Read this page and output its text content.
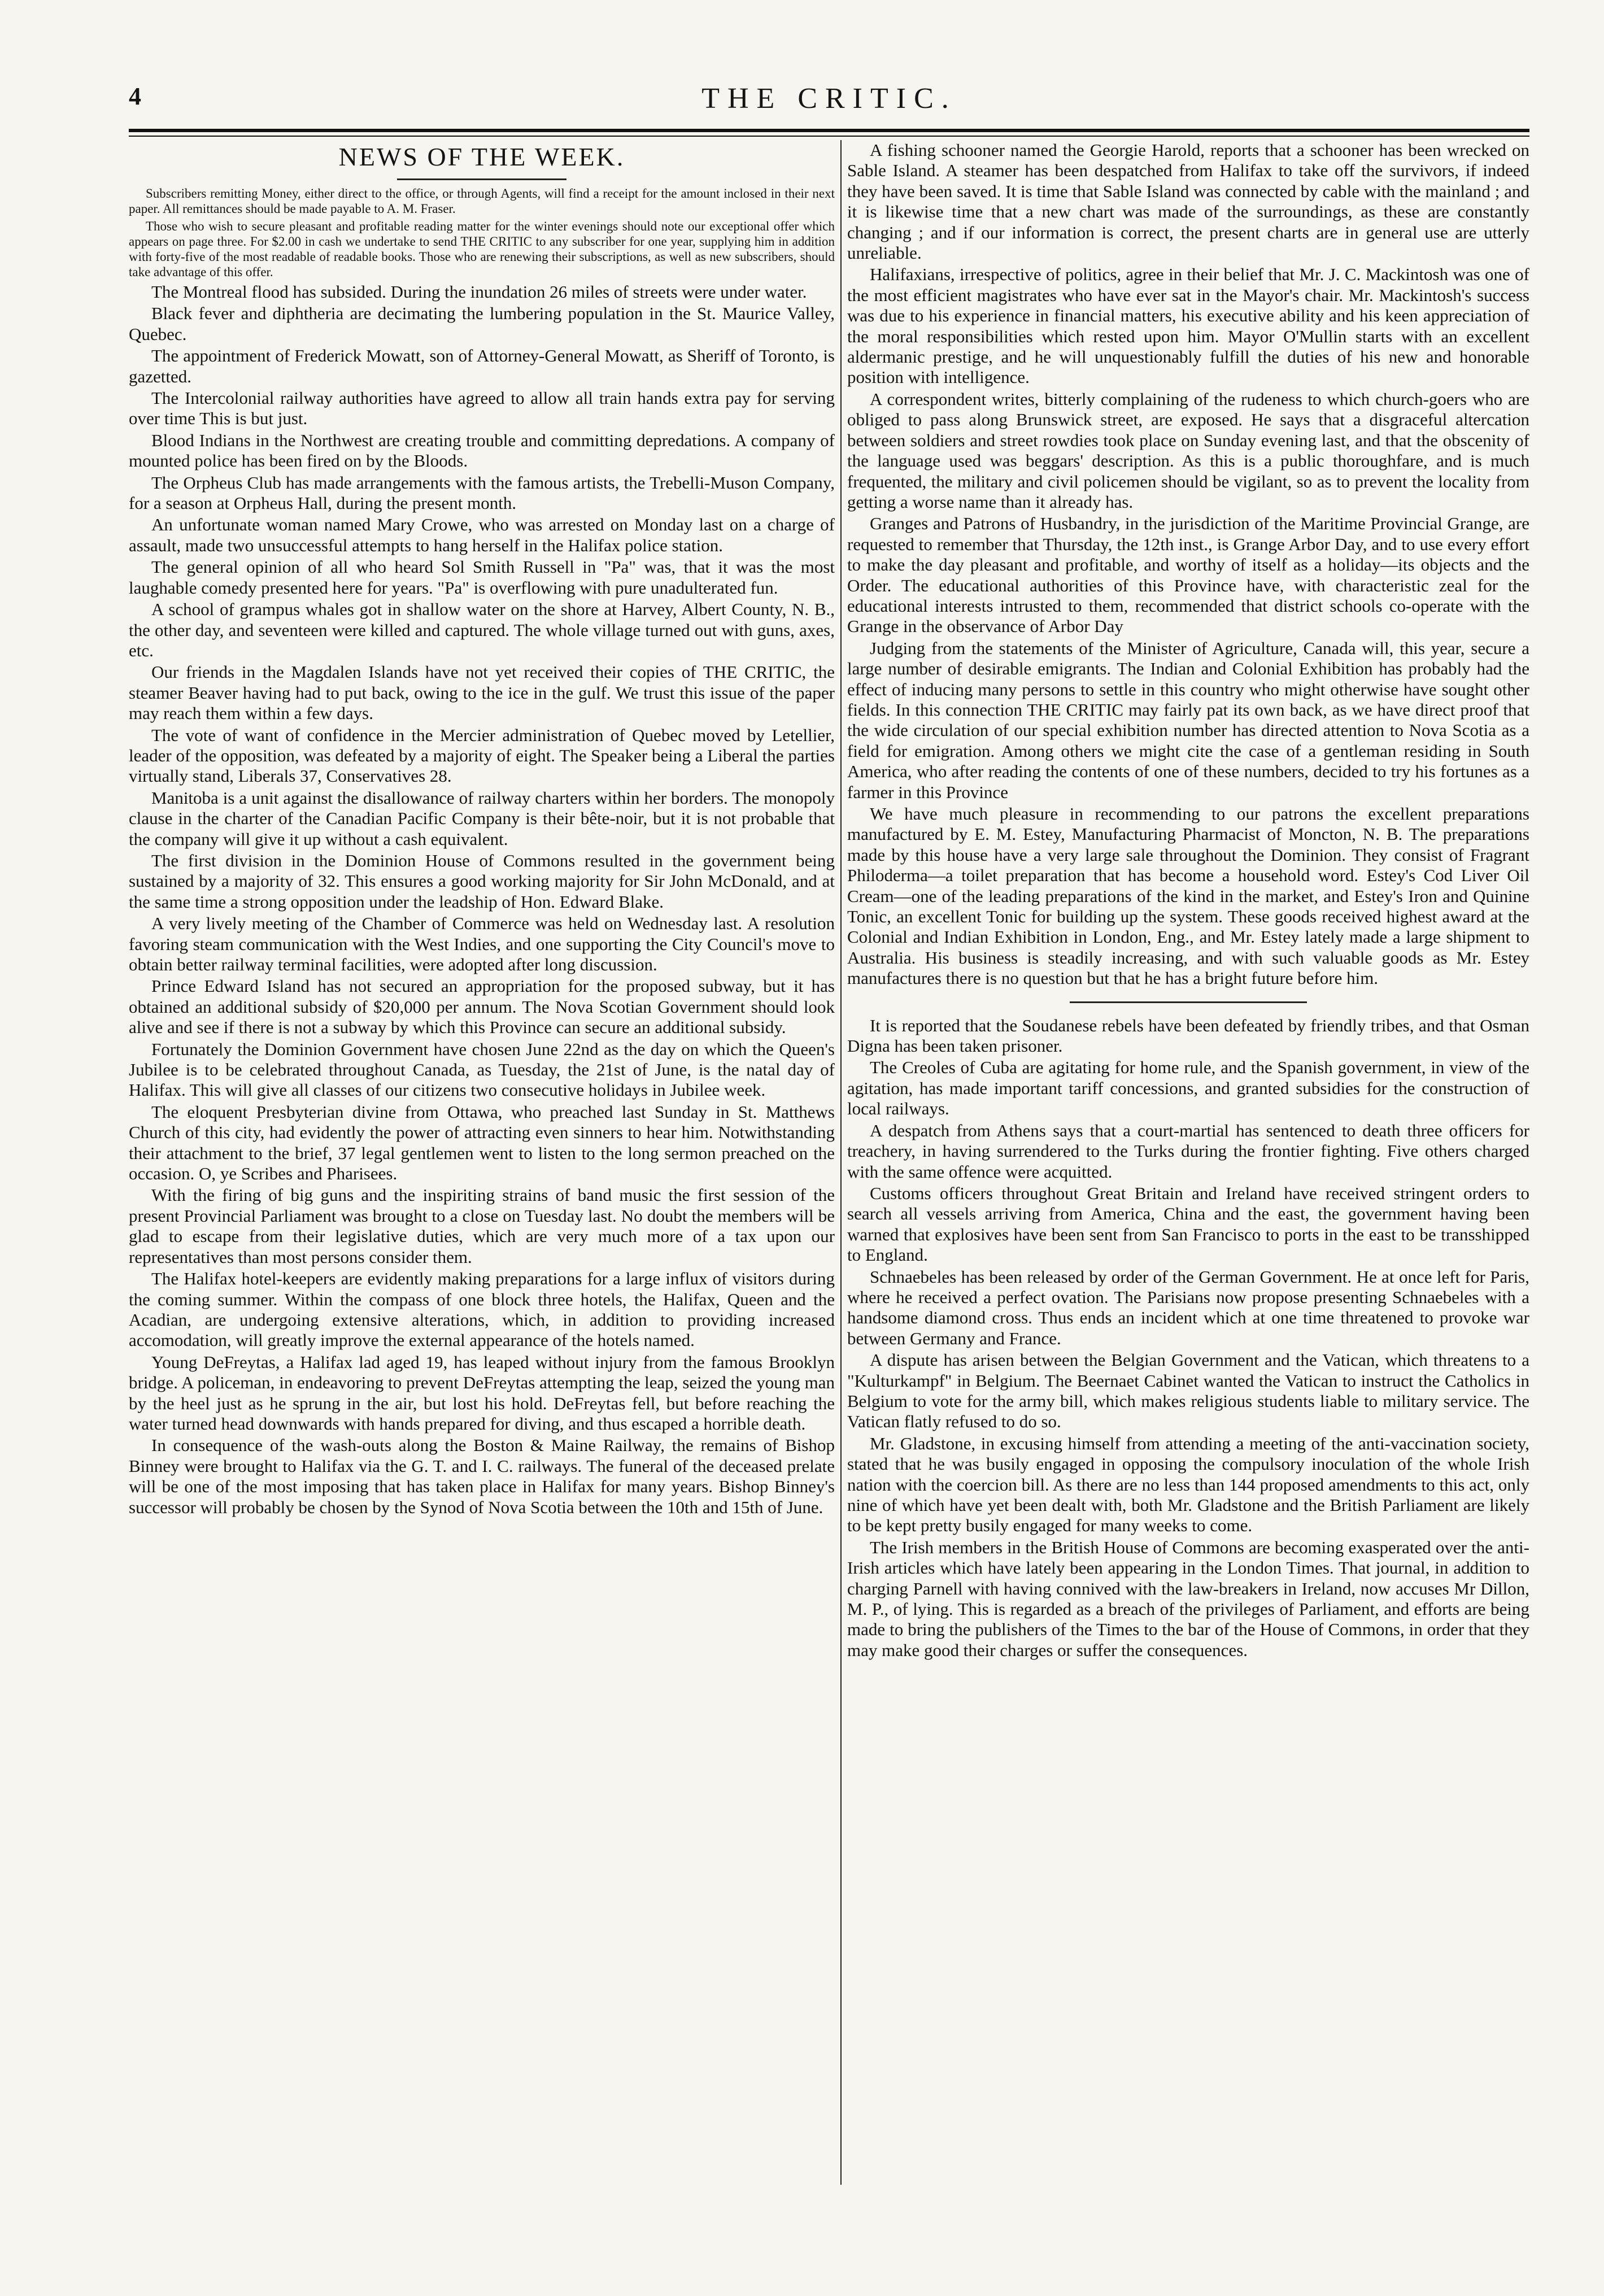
4	THE CRITIC.
NEWS OF THE WEEK.

Subscribers remitting Money, either direct to the office, or through Agents, will find a receipt for the amount inclosed in their next paper. All remittances should be made payable to A. M. Fraser.

Those who wish to secure pleasant and profitable reading matter for the winter evenings should note our exceptional offer which appears on page three. For $2.00 in cash we undertake to send THE CRITIC to any subscriber for one year, supplying him in addition with forty-five of the most readable of readable books. Those who are renewing their subscriptions, as well as new subscribers, should take advantage of this offer.

The Montreal flood has subsided. During the inundation 26 miles of streets were under water.

Black fever and diphtheria are decimating the lumbering population in the St. Maurice Valley, Quebec.

The appointment of Frederick Mowatt, son of Attorney-General Mowatt, as Sheriff of Toronto, is gazetted.

The Intercolonial railway authorities have agreed to allow all train hands extra pay for serving over time This is but just.

Blood Indians in the Northwest are creating trouble and committing depredations. A company of mounted police has been fired on by the Bloods.

The Orpheus Club has made arrangements with the famous artists, the Trebelli-Muson Company, for a season at Orpheus Hall, during the present month.

An unfortunate woman named Mary Crowe, who was arrested on Monday last on a charge of assault, made two unsuccessful attempts to hang herself in the Halifax police station.

The general opinion of all who heard Sol Smith Russell in "Pa" was, that it was the most laughable comedy presented here for years. "Pa" is overflowing with pure unadulterated fun.

A school of grampus whales got in shallow water on the shore at Harvey, Albert County, N. B., the other day, and seventeen were killed and captured. The whole village turned out with guns, axes, etc.

Our friends in the Magdalen Islands have not yet received their copies of THE CRITIC, the steamer Beaver having had to put back, owing to the ice in the gulf. We trust this issue of the paper may reach them within a few days.

The vote of want of confidence in the Mercier administration of Quebec moved by Letellier, leader of the opposition, was defeated by a majority of eight. The Speaker being a Liberal the parties virtually stand, Liberals 37, Conservatives 28.

Manitoba is a unit against the disallowance of railway charters within her borders. The monopoly clause in the charter of the Canadian Pacific Company is their bête-noir, but it is not probable that the company will give it up without a cash equivalent.

The first division in the Dominion House of Commons resulted in the government being sustained by a majority of 32. This ensures a good working majority for Sir John McDonald, and at the same time a strong opposition under the leadship of Hon. Edward Blake.

A very lively meeting of the Chamber of Commerce was held on Wednesday last. A resolution favoring steam communication with the West Indies, and one supporting the City Council's move to obtain better railway terminal facilities, were adopted after long discussion.

Prince Edward Island has not secured an appropriation for the proposed subway, but it has obtained an additional subsidy of $20,000 per annum. The Nova Scotian Government should look alive and see if there is not a subway by which this Province can secure an additional subsidy.

Fortunately the Dominion Government have chosen June 22nd as the day on which the Queen's Jubilee is to be celebrated throughout Canada, as Tuesday, the 21st of June, is the natal day of Halifax. This will give all classes of our citizens two consecutive holidays in Jubilee week.

The eloquent Presbyterian divine from Ottawa, who preached last Sunday in St. Matthews Church of this city, had evidently the power of attracting even sinners to hear him. Notwithstanding their attachment to the brief, 37 legal gentlemen went to listen to the long sermon preached on the occasion. O, ye Scribes and Pharisees.

With the firing of big guns and the inspiriting strains of band music the first session of the present Provincial Parliament was brought to a close on Tuesday last. No doubt the members will be glad to escape from their legislative duties, which are very much more of a tax upon our representatives than most persons consider them.

The Halifax hotel-keepers are evidently making preparations for a large influx of visitors during the coming summer. Within the compass of one block three hotels, the Halifax, Queen and the Acadian, are undergoing extensive alterations, which, in addition to providing increased accomodation, will greatly improve the external appearance of the hotels named.

Young DeFreytas, a Halifax lad aged 19, has leaped without injury from the famous Brooklyn bridge. A policeman, in endeavoring to prevent DeFreytas attempting the leap, seized the young man by the heel just as he sprung in the air, but lost his hold. DeFreytas fell, but before reaching the water turned head downwards with hands prepared for diving, and thus escaped a horrible death.

In consequence of the wash-outs along the Boston & Maine Railway, the remains of Bishop Binney were brought to Halifax via the G. T. and I. C. railways. The funeral of the deceased prelate will be one of the most imposing that has taken place in Halifax for many years. Bishop Binney's successor will probably be chosen by the Synod of Nova Scotia between the 10th and 15th of June.

A fishing schooner named the Georgie Harold, reports that a schooner has been wrecked on Sable Island. A steamer has been despatched from Halifax to take off the survivors, if indeed they have been saved. It is time that Sable Island was connected by cable with the mainland ; and it is likewise time that a new chart was made of the surroundings, as these are constantly changing ; and if our information is correct, the present charts are in general use are utterly unreliable.

Halifaxians, irrespective of politics, agree in their belief that Mr. J. C. Mackintosh was one of the most efficient magistrates who have ever sat in the Mayor's chair. Mr. Mackintosh's success was due to his experience in financial matters, his executive ability and his keen appreciation of the moral responsibilities which rested upon him. Mayor O'Mullin starts with an excellent aldermanic prestige, and he will unquestionably fulfill the duties of his new and honorable position with intelligence.

A correspondent writes, bitterly complaining of the rudeness to which church-goers who are obliged to pass along Brunswick street, are exposed. He says that a disgraceful altercation between soldiers and street rowdies took place on Sunday evening last, and that the obscenity of the language used was beggars' description. As this is a public thoroughfare, and is much frequented, the military and civil policemen should be vigilant, so as to prevent the locality from getting a worse name than it already has.

Granges and Patrons of Husbandry, in the jurisdiction of the Maritime Provincial Grange, are requested to remember that Thursday, the 12th inst., is Grange Arbor Day, and to use every effort to make the day pleasant and profitable, and worthy of itself as a holiday—its objects and the Order. The educational authorities of this Province have, with characteristic zeal for the educational interests intrusted to them, recommended that district schools co-operate with the Grange in the observance of Arbor Day

Judging from the statements of the Minister of Agriculture, Canada will, this year, secure a large number of desirable emigrants. The Indian and Colonial Exhibition has probably had the effect of inducing many persons to settle in this country who might otherwise have sought other fields. In this connection THE CRITIC may fairly pat its own back, as we have direct proof that the wide circulation of our special exhibition number has directed attention to Nova Scotia as a field for emigration. Among others we might cite the case of a gentleman residing in South America, who after reading the contents of one of these numbers, decided to try his fortunes as a farmer in this Province

We have much pleasure in recommending to our patrons the excellent preparations manufactured by E. M. Estey, Manufacturing Pharmacist of Moncton, N. B. The preparations made by this house have a very large sale throughout the Dominion. They consist of Fragrant Philoderma—a toilet preparation that has become a household word. Estey's Cod Liver Oil Cream—one of the leading preparations of the kind in the market, and Estey's Iron and Quinine Tonic, an excellent Tonic for building up the system. These goods received highest award at the Colonial and Indian Exhibition in London, Eng., and Mr. Estey lately made a large shipment to Australia. His business is steadily increasing, and with such valuable goods as Mr. Estey manufactures there is no question but that he has a bright future before him.

It is reported that the Soudanese rebels have been defeated by friendly tribes, and that Osman Digna has been taken prisoner.

The Creoles of Cuba are agitating for home rule, and the Spanish government, in view of the agitation, has made important tariff concessions, and granted subsidies for the construction of local railways.

A despatch from Athens says that a court-martial has sentenced to death three officers for treachery, in having surrendered to the Turks during the frontier fighting. Five others charged with the same offence were acquitted.

Customs officers throughout Great Britain and Ireland have received stringent orders to search all vessels arriving from America, China and the east, the government having been warned that explosives have been sent from San Francisco to ports in the east to be transshipped to England.

Schnaebeles has been released by order of the German Government. He at once left for Paris, where he received a perfect ovation. The Parisians now propose presenting Schnaebeles with a handsome diamond cross. Thus ends an incident which at one time threatened to provoke war between Germany and France.

A dispute has arisen between the Belgian Government and the Vatican, which threatens to a "Kulturkampf" in Belgium. The Beernaet Cabinet wanted the Vatican to instruct the Catholics in Belgium to vote for the army bill, which makes religious students liable to military service. The Vatican flatly refused to do so.

Mr. Gladstone, in excusing himself from attending a meeting of the anti-vaccination society, stated that he was busily engaged in opposing the compulsory inoculation of the whole Irish nation with the coercion bill. As there are no less than 144 proposed amendments to this act, only nine of which have yet been dealt with, both Mr. Gladstone and the British Parliament are likely to be kept pretty busily engaged for many weeks to come.

The Irish members in the British House of Commons are becoming exasperated over the anti-Irish articles which have lately been appearing in the London Times. That journal, in addition to charging Parnell with having connived with the law-breakers in Ireland, now accuses Mr Dillon, M. P., of lying. This is regarded as a breach of the privileges of Parliament, and efforts are being made to bring the publishers of the Times to the bar of the House of Commons, in order that they may make good their charges or suffer the consequences.
